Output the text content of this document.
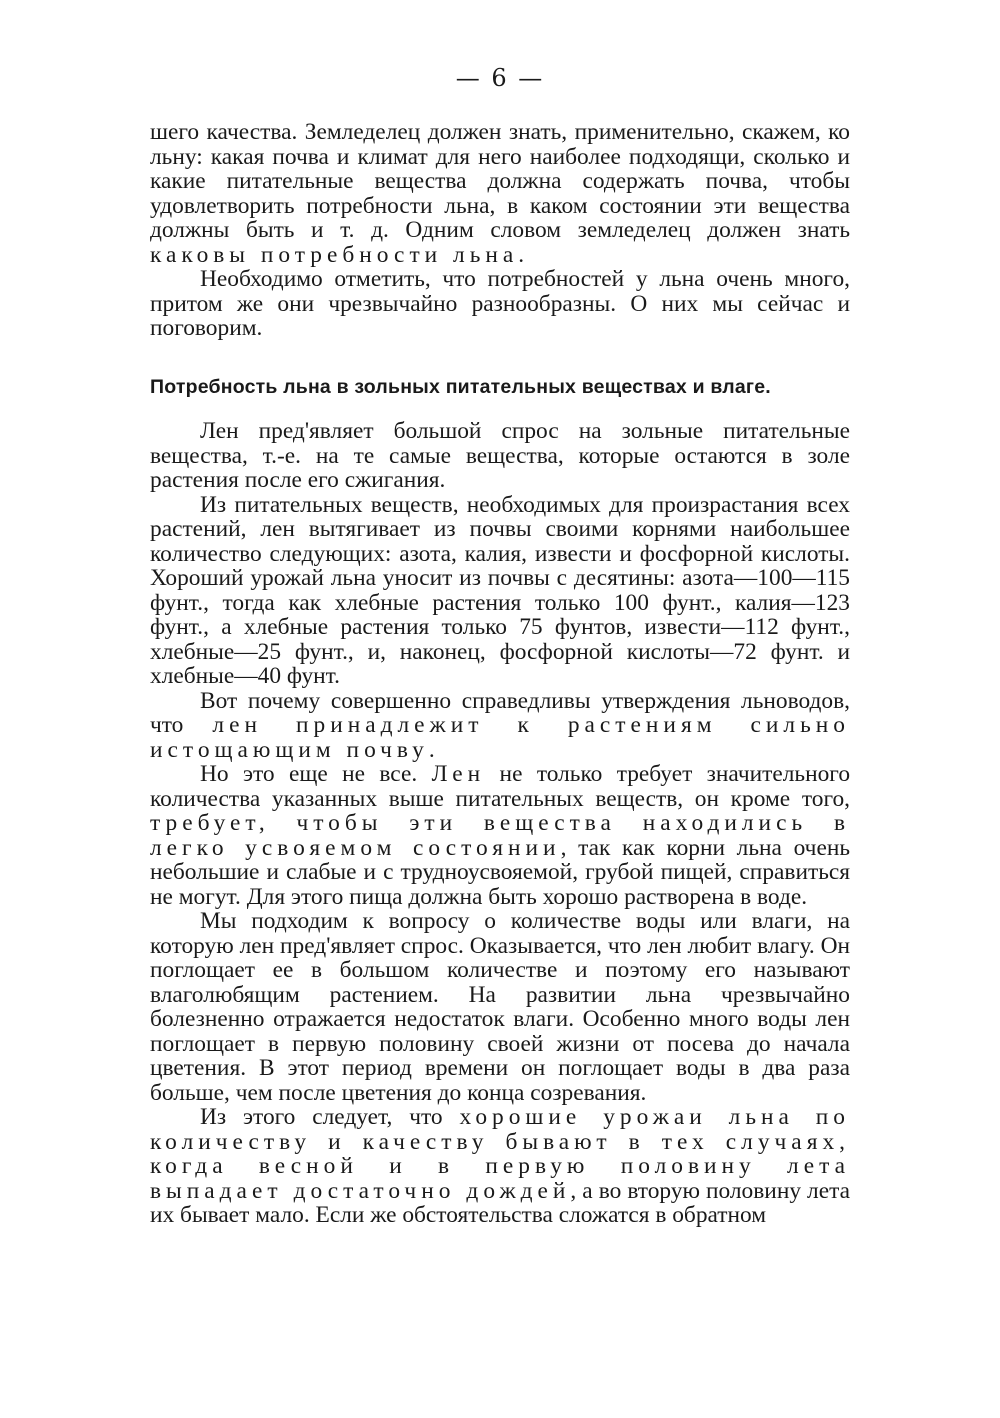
— 6 —

шего качества. Земледелец должен знать, применительно, скажем, ко льну: какая почва и климат для него наиболее подходящи, сколько и какие питательные вещества должна содержать почва, чтобы удовлетворить потребности льна, в каком состоянии эти вещества должны быть и т. д. Одним словом земледелец должен знать каковы потребности льна.

Необходимо отметить, что потребностей у льна очень много, притом же они чрезвычайно разнообразны. О них мы сейчас и поговорим.

Потребность льна в зольных питательных веществах и влаге.

Лен пред'являет большой спрос на зольные питательные вещества, т.-е. на те самые вещества, которые остаются в золе растения после его сжигания.

Из питательных веществ, необходимых для произрастания всех растений, лен вытягивает из почвы своими корнями наибольшее количество следующих: азота, калия, извести и фосфорной кислоты. Хороший урожай льна уносит из почвы с десятины: азота—100—115 фунт., тогда как хлебные растения только 100 фунт., калия—123 фунт., а хлебные растения только 75 фунтов, извести—112 фунт., хлебные—25 фунт., и, наконец, фосфорной кислоты—72 фунт. и хлебные—40 фунт.

Вот почему совершенно справедливы утверждения льноводов, что лен принадлежит к растениям сильно истощающим почву.

Но это еще не все. Лен не только требует значительного количества указанных выше питательных веществ, он кроме того, требует, чтобы эти вещества находились в легко усвояемом состоянии, так как корни льна очень небольшие и слабые и с трудноусвояемой, грубой пищей, справиться не могут. Для этого пища должна быть хорошо растворена в воде.

Мы подходим к вопросу о количестве воды или влаги, на которую лен пред'являет спрос. Оказывается, что лен любит влагу. Он поглощает ее в большом количестве и поэтому его называют влаголюбящим растением. На развитии льна чрезвычайно болезненно отражается недостаток влаги. Особенно много воды лен поглощает в первую половину своей жизни от посева до начала цветения. В этот период времени он поглощает воды в два раза больше, чем после цветения до конца созревания.

Из этого следует, что хорошие урожаи льна по количеству и качеству бывают в тех случаях, когда весной и в первую половину лета выпадает достаточно дождей, а во вторую половину лета их бывает мало. Если же обстоятельства сложатся в обратном
